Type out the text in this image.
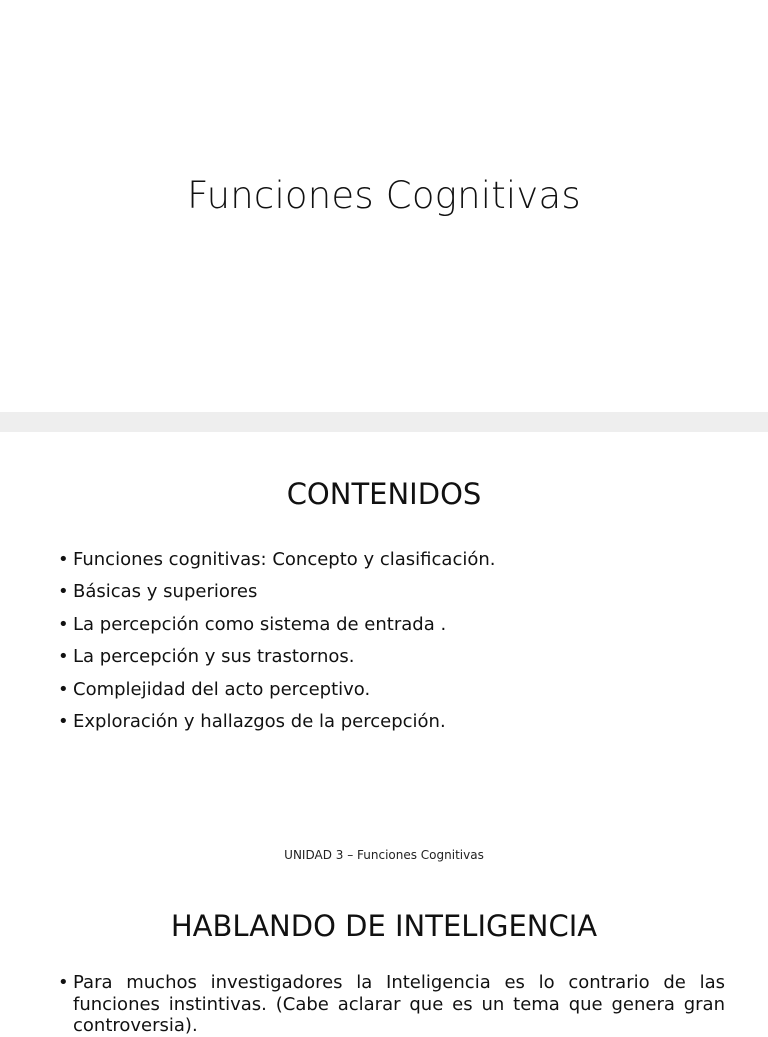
Funciones Cognitivas
CONTENIDOS
• Funciones cognitivas: Concepto y clasificación.
• Básicas y superiores
• La percepción como sistema de entrada .
• La percepción y sus trastornos.
• Complejidad del acto perceptivo.
• Exploración y hallazgos de la percepción.
UNIDAD 3 – Funciones Cognitivas
HABLANDO DE INTELIGENCIA

• Para muchos investigadores la Inteligencia es lo contrario de las funciones instintivas. (Cabe aclarar que es un tema que genera gran controversia).
